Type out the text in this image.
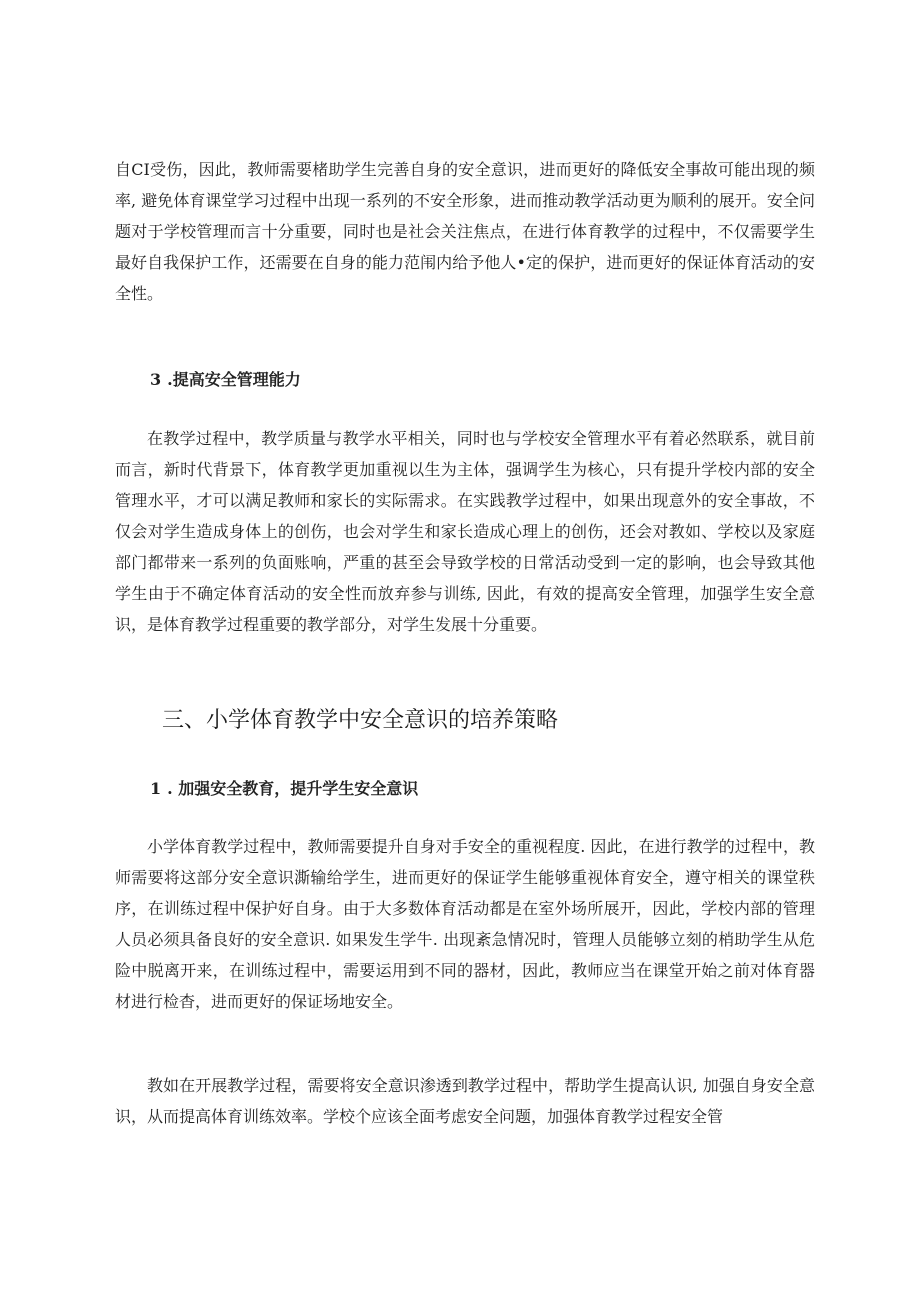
自CI受伤，因此，教师需要楮助学生完善自身的安全意识，进而更好的降低安全事故可能出现的频率, 避免体育课堂学习过程中出现一系列的不安全形象，进而推动教学活动更为顺利的展开。安全问题对于学校管理而言十分重要，同时也是社会关注焦点，在进行体育教学的过程中，不仅需要学生最好自我保护工作，还需要在自身的能力范闱内给予他人•定的保护，进而更好的保证体育活动的安全性。

3 .提高安全管理能力

在教学过程中，教学质量与教学水平相关，同时也与学校安全管理水平有着必然联系，就目前而言，新时代背景下，体育教学更加重视以生为主体，强调学生为核心，只有提升学校内部的安全管理水平，才可以满足教师和家长的实际需求。在实践教学过程中，如果出现意外的安全事故，不仅会对学生造成身体上的创伤，也会对学生和家长造成心理上的创伤，还会对教如、学校以及家庭部门都带来一系列的负面账响，严重的甚至会导致学校的日常活动受到一定的影响，也会导致其他学生由于不确定体育活动的安全性而放弃参与训练, 因此，有效的提高安全管理，加强学生安全意识，是体育教学过程重要的教学部分，对学生发展十分重要。

三、小学体育教学中安全意识的培养策略
1 . 加强安全教育，提升学生安全意识

小学体育教学过程中，教师需要提升自身对手安全的重视程度. 因此，在进行教学的过程中，教师需要将这部分安全意识澌输给学生，进而更好的保证学生能够重视体育安全，遵守相关的课堂秩序，在训练过程中保护好自身。由于大多数体育活动都是在室外场所展开，因此，学校内部的管理人员必须具备良好的安全意识. 如果发生学牛. 出现紊急情况时，管理人员能够立刻的梢助学生从危险中脱离开来，在训练过程中，需要运用到不同的器材，因此，教师应当在课堂开始之前对体育器材进行检杳，进而更好的保证场地安全。

教如在开展教学过程，需要将安全意识渗透到教学过程中，帮助学生提高认识, 加强自身安全意识，从而提高体育训练效率。学校个应该全面考虑安全问题，加强体育教学过程安全管
